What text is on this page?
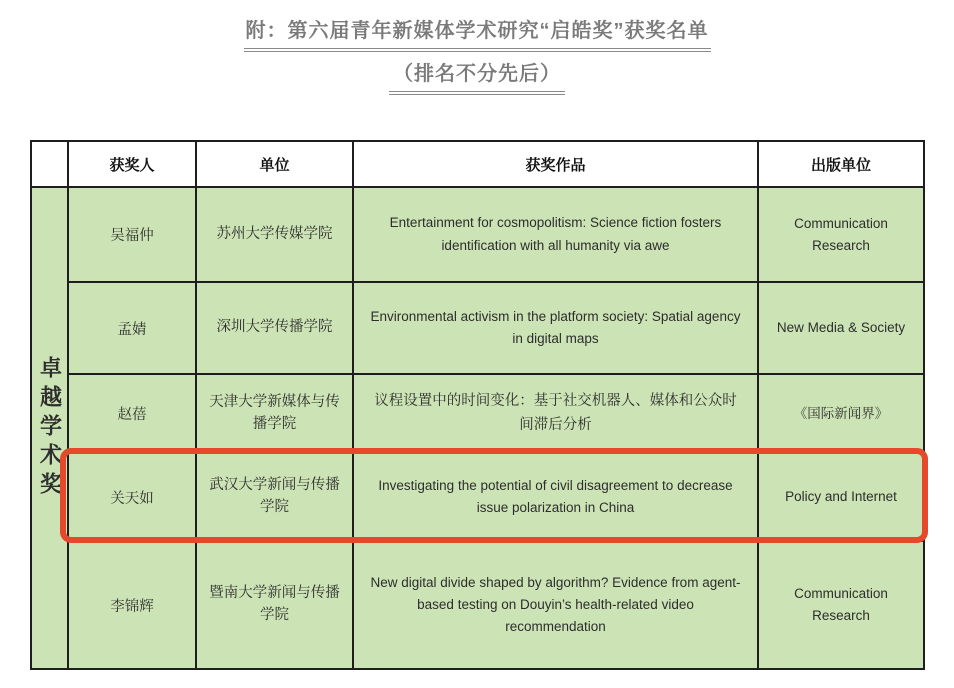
附：第六届青年新媒体学术研究“启皓奖”获奖名单
（排名不分先后）
	获奖人	单位	获奖作品	出版单位

卓越学术奖	吴福仲	苏州大学传媒学院	Entertainment for cosmopolitism: Science fiction fosters identification with all humanity via awe	Communication Research
	孟婧	深圳大学传播学院	Environmental activism in the platform society: Spatial agency in digital maps	New Media & Society
	赵蓓	天津大学新媒体与传播学院	议程设置中的时间变化：基于社交机器人、媒体和公众时间滞后分析	《国际新闻界》
	关天如	武汉大学新闻与传播学院	Investigating the potential of civil disagreement to decrease issue polarization in China	Policy and Internet
	李锦辉	暨南大学新闻与传播学院	New digital divide shaped by algorithm? Evidence from agent-based testing on Douyin’s health-related video recommendation	Communication Research
